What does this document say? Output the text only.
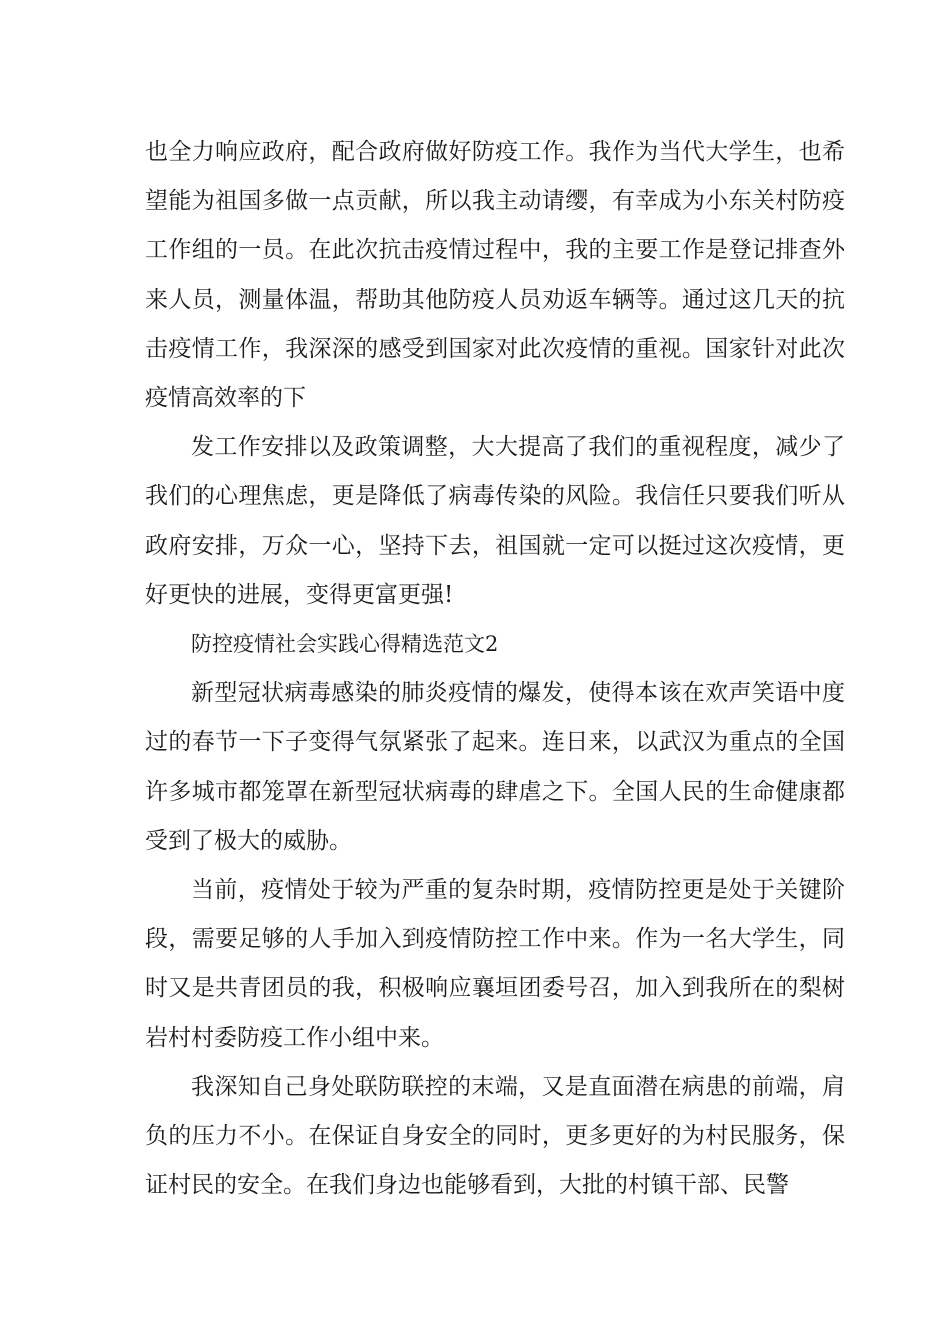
也全力响应政府，配合政府做好防疫工作。我作为当代大学生，也希望能为祖国多做一点贡献，所以我主动请缨，有幸成为小东关村防疫工作组的一员。在此次抗击疫情过程中，我的主要工作是登记排查外来人员，测量体温，帮助其他防疫人员劝返车辆等。通过这几天的抗击疫情工作，我深深的感受到国家对此次疫情的重视。国家针对此次疫情高效率的下

发工作安排以及政策调整，大大提高了我们的重视程度，减少了我们的心理焦虑，更是降低了病毒传染的风险。我信任只要我们听从政府安排，万众一心，坚持下去，祖国就一定可以挺过这次疫情，更好更快的进展，变得更富更强!

防控疫情社会实践心得精选范文2

新型冠状病毒感染的肺炎疫情的爆发，使得本该在欢声笑语中度过的春节一下子变得气氛紧张了起来。连日来，以武汉为重点的全国许多城市都笼罩在新型冠状病毒的肆虐之下。全国人民的生命健康都受到了极大的威胁。

当前，疫情处于较为严重的复杂时期，疫情防控更是处于关键阶段，需要足够的人手加入到疫情防控工作中来。作为一名大学生，同时又是共青团员的我，积极响应襄垣团委号召，加入到我所在的梨树岩村村委防疫工作小组中来。

我深知自己身处联防联控的末端，又是直面潜在病患的前端，肩负的压力不小。在保证自身安全的同时，更多更好的为村民服务，保证村民的安全。在我们身边也能够看到，大批的村镇干部、民警
